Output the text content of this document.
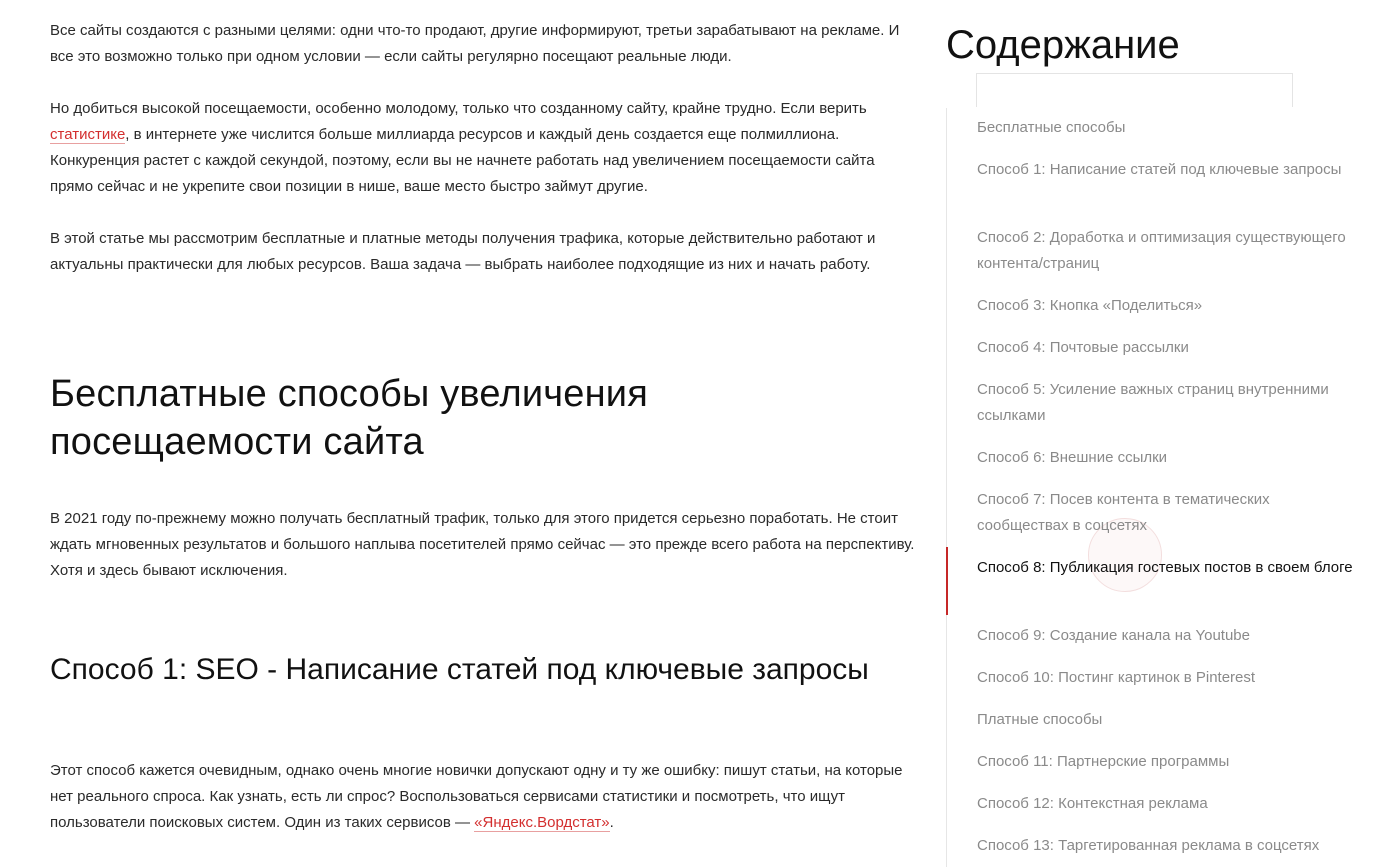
Все сайты создаются с разными целями: одни что-то продают, другие информируют, третьи зарабатывают на рекламе. И все это возможно только при одном условии — если сайты регулярно посещают реальные люди.

Но добиться высокой посещаемости, особенно молодому, только что созданному сайту, крайне трудно. Если верить статистике, в интернете уже числится больше миллиарда ресурсов и каждый день создается еще полмиллиона. Конкуренция растет с каждой секундой, поэтому, если вы не начнете работать над увеличением посещаемости сайта прямо сейчас и не укрепите свои позиции в нише, ваше место быстро займут другие.

В этой статье мы рассмотрим бесплатные и платные методы получения трафика, которые действительно работают и актуальны практически для любых ресурсов. Ваша задача — выбрать наиболее подходящие из них и начать работу.

Бесплатные способы увеличения посещаемости сайта

В 2021 году по-прежнему можно получать бесплатный трафик, только для этого придется серьезно поработать. Не стоит ждать мгновенных результатов и большого наплыва посетителей прямо сейчас — это прежде всего работа на перспективу. Хотя и здесь бывают исключения.

Способ 1: SEO - Написание статей под ключевые запросы

Этот способ кажется очевидным, однако очень многие новички допускают одну и ту же ошибку: пишут статьи, на которые нет реального спроса. Как узнать, есть ли спрос? Воспользоваться сервисами статистики и посмотреть, что ищут пользователи поисковых систем. Один из таких сервисов — «Яндекс.Вордстат».

Содержание
Бесплатные способы
Способ 1: Написание статей под ключевые запросы
Способ 2: Доработка и оптимизация существующего контента/страниц
Способ 3: Кнопка «Поделиться»
Способ 4: Почтовые рассылки
Способ 5: Усиление важных страниц внутренними ссылками
Способ 6: Внешние ссылки
Способ 7: Посев контента в тематических сообществах в соцсетях
Способ 8: Публикация гостевых постов в своем блоге
Способ 9: Создание канала на Youtube
Способ 10: Постинг картинок в Pinterest
Платные способы
Способ 11: Партнерские программы
Способ 12: Контекстная реклама
Способ 13: Таргетированная реклама в соцсетях
